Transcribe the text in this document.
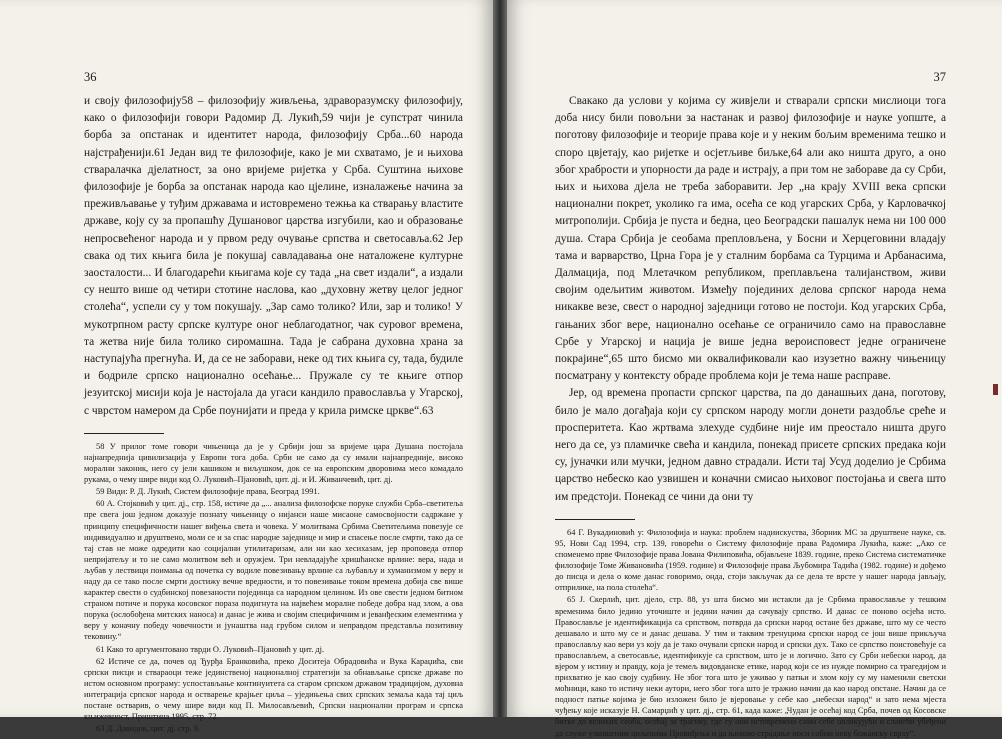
36

и своју филозофију58 – филозофију живљења, здраворазумску филозофију, како о филозофији говори Радомир Д. Лукић,59 чији је супстрат чинила борба за опстанак и идентитет народа, филозофију Срба...60 народа најстрађенији.61 Један вид те филозофије, како је ми схватамо, је и њихова стваралачка дјелатност, за оно вријеме ријетка у Срба. Суштина њихове филозофије је борба за опстанак народа као цјелине, изналажење начина за преживљавање у туђим државама и истовремено тежња ка стварању властите државе, коју су за пропашћу Душановог царства изгубили, као и образовање непросвећеног народа и у првом реду очување српства и светосавља.62 Јер свака од тих књига била је покушај савладавања оне наталожене културне заосталости... И благодарећи књигама које су тада „на свет издали“, а издали су нешто више од четири стотине наслова, као „духовну жетву целог једног столећа“, успели су у том покушају. „Зар само толико? Или, зар и толико! У мукотрпном расту српске културе оног неблагодатног, чак суровог времена, та жетва није била толико сиромашна. Тада је сабрана духовна храна за наступајућа прегнућа. И, да се не заборави, неке од тих књига су, тада, будиле и бодриле српско национално осећање... Пружале су те књиге отпор језуитској мисији која је настојала да угаси кандило православља у Угарској, с чврстом намером да Србе поунијати и преда у крила римске цркве“.63

58 У прилог томе говори чињеница да је у Србији још за вријеме цара Душана постојала најнапреднија цивилизација у Европи тога доба. Срби не само да су имали најнапредније, високо морални законик, него су јели кашиком и виљушком, док се на европским дворовима месо комадало рукама, о чему шире види код О. Луковић–Пјановић, цит. дј. и И. Живанчевић, цит. дј.

59 Види: Р. Д. Лукић, Систем филозофије права, Београд 1991.

60 А. Стојковић у цит. дј., стр. 158, истиче да „... анализа филозофске поруке служби Срба–светитеља пре свега још једном доказује познату чињеницу о нијанси наше мисаоне самосвојности садржане у принципу специфичности нашег виђења света и човека. У молитвама Србима Светитељима повезује се индивидуално и друштвено, моли се и за спас народне заједнице и мир и спасење после смрти, тако да се тај став не може одредити као социјални утилитаризам, али ни као хесихазам, јер проповеда отпор непријатељу и то не само молитвом већ и оружјем. Три невладајуће хришћанске врлине: вера, нада и љубав у лествици поимања од почетка су водиле повезивању врлине са љубављу и хуманизмом у веру и наду да се тако после смрти достижу вечне вредности, и то повезивање током времена добија све више карактер свести о судбинској повезаности појединца са народном целином. Из ове свести једном битном страном потиче и порука косовског пораза подигнута на највећем моралне победе добра над злом, а ова порука (ослобођена митских наноса) и данас је жива и својим специфичним и јеванђеским елементима у веру у коначну победу човечности и јунаштва над грубом силом и неправдом представља позитивну тековину.“

61 Како то аргументовано тврди О. Луковић–Пјановић у цит. дј.

62 Истиче се да, почев од Ђурђа Бранковића, преко Доситеја Обрадовића и Вука Караџића, сви српски писци и ствараоци теже јединственој националној стратегији за обнављање српске државе по истом основном програму: успостављање континуитета са старом српском државом традицијом, духовна интеграција српског народа и остварење крајњег циља – уједињења свих српских земаља када тај циљ постане остварив, о чему шире види код П. Милосављевић, Српски национални програм и српска књижевност, Приштина 1995, стр. 72.

63 Д. Давидов, цит. дј. стр. 9.

37

Свакако да услови у којима су живјели и стварали српски мислиоци тога доба нису били повољни за настанак и развој филозофије и науке уопште, а поготову филозофије и теорије права које и у неким бољим временима тешко и споро цвјетају, као ријетке и осјетљиве биљке,64 али ако ништа друго, а оно због храбрости и упорности да раде и истрају, а при том не забораве да су Срби, њих и њихова дјела не треба заборавити. Јер „на крају XVIII века српски национални покрет, уколико га има, осећа се код угарских Срба, у Карловачкој митрополији. Србија је пуста и бедна, цео Београдски пашалук нема ни 100 000 душа. Стара Србија је сеобама препловљена, у Босни и Херцеговини владају тама и варварство, Црна Гора је у сталним борбама са Турцима и Арбанасима, Далмација, под Млетачком републиком, преплављена талијанством, живи својим одељитим животом. Између појединих делова српског народа нема никакве везе, свест о народној заједници готово не постоји. Код угарских Срба, гањаних због вере, национално осећање се ограничило само на православне Србе у Угарској и нација је више једна вероисповест једне ограничене покрајине“,65 што бисмо ми оквалификовали као изузетно важну чињеницу посматрану у контексту обраде проблема који је тема наше расправе.

Јер, од времена пропасти српског царства, па до данашњих дана, поготову, било је мало догађаја који су српском народу могли донети раздобље среће и просперитета. Као жртвама злехуде судбине није им преостало ништа друго него да се, уз пламичке свећа и кандила, понекад присете српских предака који су, јуначки или мучки, једном давно страдали. Исти тај Усуд доделио је Србима царство небеско као узвишен и коначни смисао њиховог постојања и свега што им предстоји. Понекад се чини да они ту

64 Г. Вукадиновић у: Филозофија и наука: проблем надиискуства, Зборник МС за друштвене науке, св. 95, Нови Сад 1994, стр. 139, говорећи о Систему филозофије права Радомира Лукића, каже: „Ако се споменемо прве Филозофије права Јована Филиповића, објављене 1839. године, преко Система систематичке филозофије Томе Живановића (1959. године) и Филозофије права Љубомира Тадића (1982. године) и дођемо до писца и дела о коме данас говоримо, онда, стоји закључак да се дела те врсте у нашег народа јављају, отприлике, на пола столећа“.

65 Ј. Скерлић, цит. дјело, стр. 88, уз шта бисмо ми истакли да је Србима православље у тешким временима било једино уточиште и једини начин да сачувају српство. И данас се поново осјећа исто. Православље је идентификација са српством, потврда да српски народ остане без државе, што му се често дешавало и што му се и данас дешава. У тим и таквим тренуцима српски народ се још више прикључа православљу као вери уз коју да је тако очували српски народ и српски дух. Тако се српство поистовећује са православљем, а светосавље, идентификује са српством, што је и логично. Зато су Срби небески народ, да вјером у истину и правду, која је темељ видовданске етике, народ који се из нужде помирио са трагедијом и прихватио је као своју судбину. Не због тога што је уживао у патњи и злом коју су му наменили светски моћници, како то истичу неки аутори, него због тога што је тражио начин да као народ опстане. Начин да се подност патње којима је био изложен било је вјеровање у себе као „небески народ“ и зато нема мјеста чуђењу које исказује Н. Самарџић у цит. дј., стр. 61, када каже: „Чудан је осећај код Срба, почев од Косовске битке до великих сеоба, осећај за трагику, где су они истовремено сами себе оплакујући и славећи убеђени да служе узвишеним циљевима Провиђења и да њихово страдање носи собом неку божанску сврху“.
